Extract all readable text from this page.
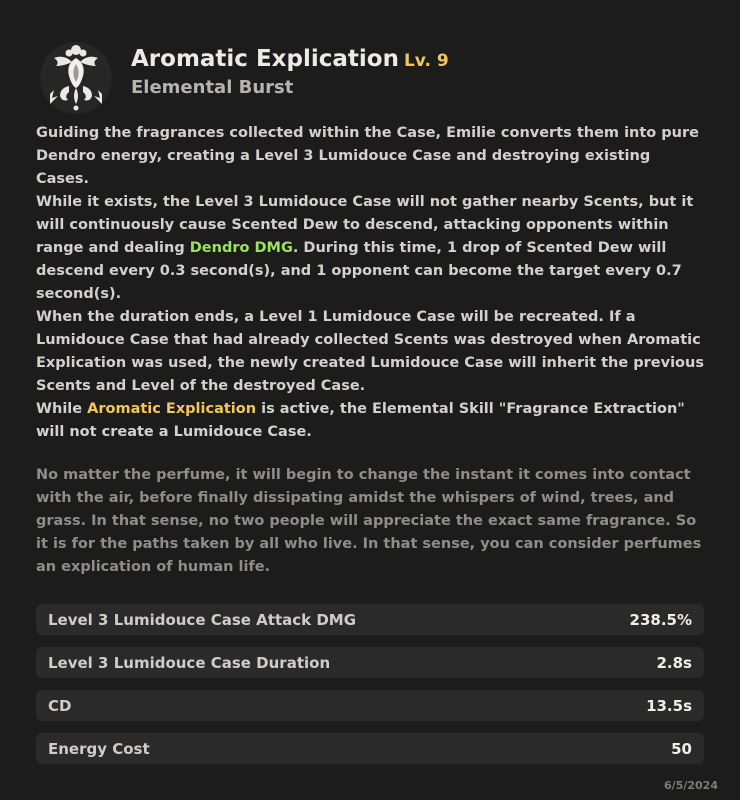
Aromatic Explication Lv. 9
Elemental Burst

Guiding the fragrances collected within the Case, Emilie converts them into pure Dendro energy, creating a Level 3 Lumidouce Case and destroying existing Cases.

While it exists, the Level 3 Lumidouce Case will not gather nearby Scents, but it will continuously cause Scented Dew to descend, attacking opponents within range and dealing Dendro DMG. During this time, 1 drop of Scented Dew will descend every 0.3 second(s), and 1 opponent can become the target every 0.7 second(s).

When the duration ends, a Level 1 Lumidouce Case will be recreated. If a Lumidouce Case that had already collected Scents was destroyed when Aromatic Explication was used, the newly created Lumidouce Case will inherit the previous Scents and Level of the destroyed Case.

While Aromatic Explication is active, the Elemental Skill "Fragrance Extraction" will not create a Lumidouce Case.

No matter the perfume, it will begin to change the instant it comes into contact with the air, before finally dissipating amidst the whispers of wind, trees, and grass. In that sense, no two people will appreciate the exact same fragrance. So it is for the paths taken by all who live. In that sense, you can consider perfumes an explication of human life.
Level 3 Lumidouce Case Attack DMG	238.5%
Level 3 Lumidouce Case Duration	2.8s
CD	13.5s
Energy Cost	50
6/5/2024
